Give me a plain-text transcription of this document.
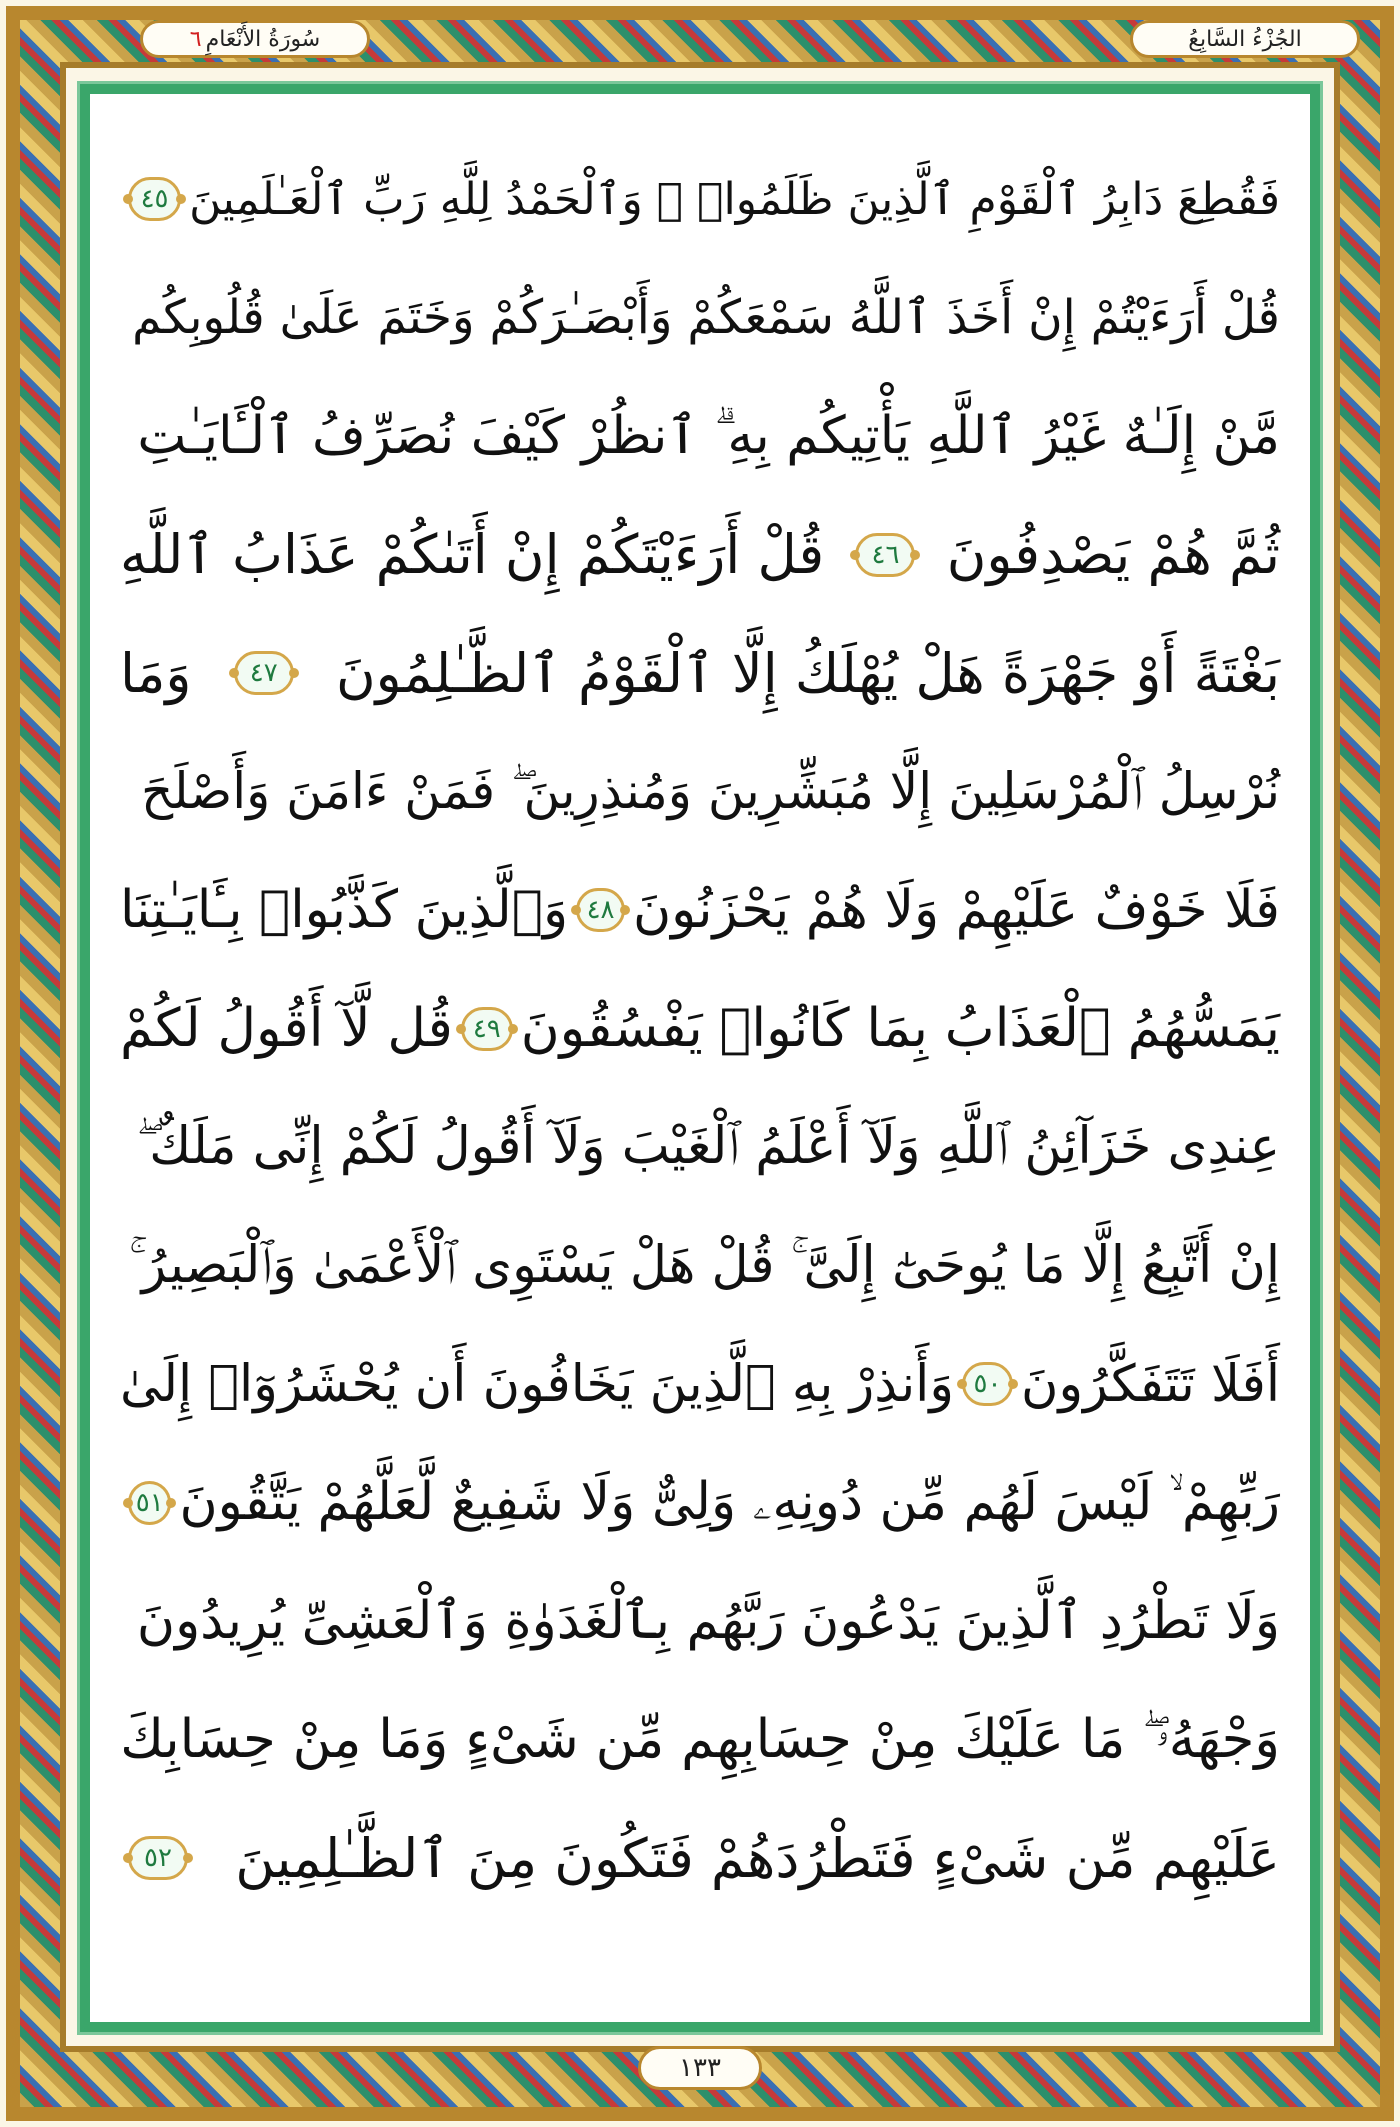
الجُزْءُ السَّابِعُ
سُورَةُ الأَنْعَامِ
٦
فَقُطِعَ دَابِرُ ٱلْقَوْمِ ٱلَّذِينَ ظَلَمُوا۟ ۚ وَٱلْحَمْدُ لِلَّهِ رَبِّ ٱلْعَـٰلَمِينَ
٤٥
قُلْ أَرَءَيْتُمْ إِنْ أَخَذَ ٱللَّهُ سَمْعَكُمْ وَأَبْصَـٰرَكُمْ وَخَتَمَ عَلَىٰ قُلُوبِكُم
مَّنْ إِلَـٰهٌ غَيْرُ ٱللَّهِ يَأْتِيكُم بِهِ ۗ ٱنظُرْ كَيْفَ نُصَرِّفُ ٱلْـَٔايَـٰتِ
ثُمَّ هُمْ يَصْدِفُونَ
٤٦
قُلْ أَرَءَيْتَكُمْ إِنْ أَتَىٰكُمْ عَذَابُ ٱللَّهِ
بَغْتَةً أَوْ جَهْرَةً هَلْ يُهْلَكُ إِلَّا ٱلْقَوْمُ ٱلظَّـٰلِمُونَ
٤٧
وَمَا
نُرْسِلُ ٱلْمُرْسَلِينَ إِلَّا مُبَشِّرِينَ وَمُنذِرِينَ ۖ فَمَنْ ءَامَنَ وَأَصْلَحَ
فَلَا خَوْفٌ عَلَيْهِمْ وَلَا هُمْ يَحْزَنُونَ
٤٨
وَٱلَّذِينَ كَذَّبُوا۟ بِـَٔايَـٰتِنَا
يَمَسُّهُمُ ٱلْعَذَابُ بِمَا كَانُوا۟ يَفْسُقُونَ
٤٩
قُل لَّآ أَقُولُ لَكُمْ
عِندِى خَزَآئِنُ ٱللَّهِ وَلَآ أَعْلَمُ ٱلْغَيْبَ وَلَآ أَقُولُ لَكُمْ إِنِّى مَلَكٌ ۖ
إِنْ أَتَّبِعُ إِلَّا مَا يُوحَىٰٓ إِلَىَّ ۚ قُلْ هَلْ يَسْتَوِى ٱلْأَعْمَىٰ وَٱلْبَصِيرُ ۚ
أَفَلَا تَتَفَكَّرُونَ
٥٠
وَأَنذِرْ بِهِ ٱلَّذِينَ يَخَافُونَ أَن يُحْشَرُوٓا۟ إِلَىٰ
رَبِّهِمْ ۙ لَيْسَ لَهُم مِّن دُونِهِۦ وَلِىٌّ وَلَا شَفِيعٌ لَّعَلَّهُمْ يَتَّقُونَ
٥١
وَلَا تَطْرُدِ ٱلَّذِينَ يَدْعُونَ رَبَّهُم بِٱلْغَدَوٰةِ وَٱلْعَشِىِّ يُرِيدُونَ
وَجْهَهُۥ ۖ مَا عَلَيْكَ مِنْ حِسَابِهِم مِّن شَىْءٍ وَمَا مِنْ حِسَابِكَ
عَلَيْهِم مِّن شَىْءٍ فَتَطْرُدَهُمْ فَتَكُونَ مِنَ ٱلظَّـٰلِمِينَ
٥٢
١٣٣
